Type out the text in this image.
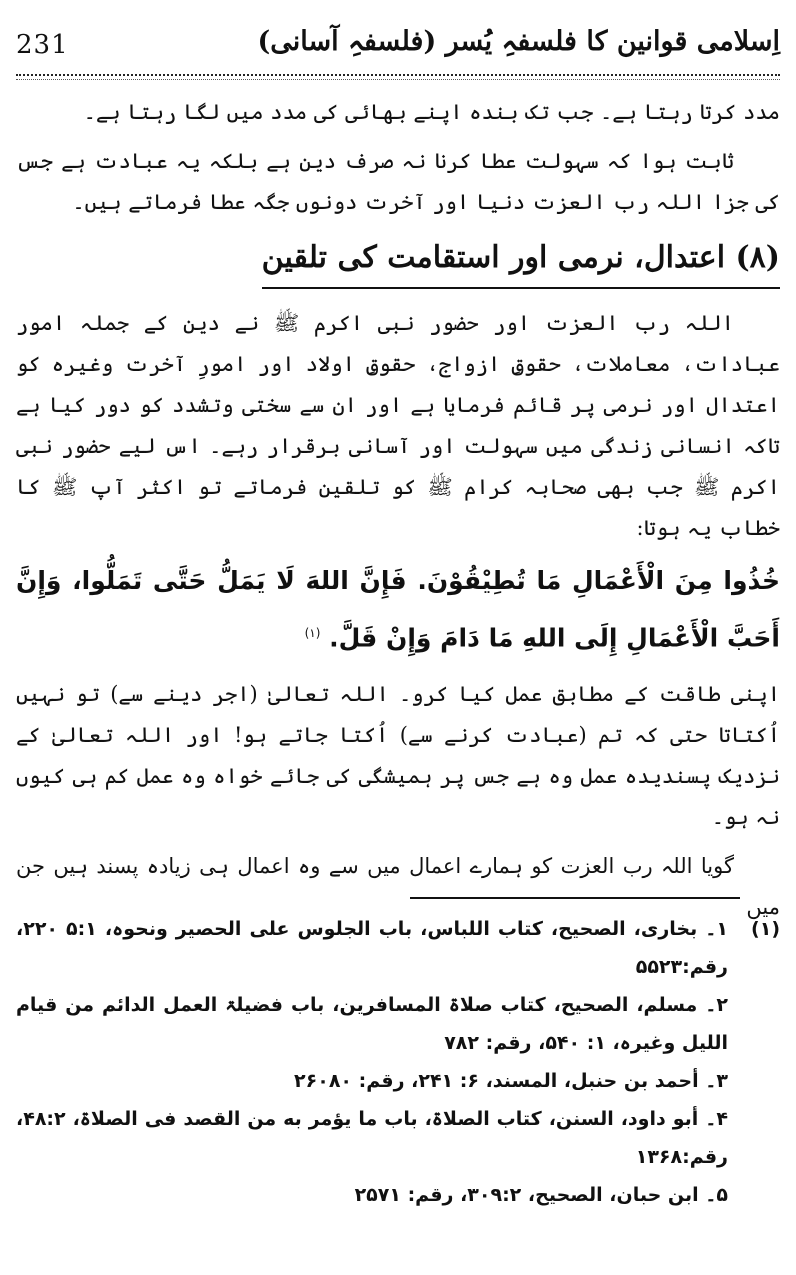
اِسلامی قوانین کا فلسفہِ یُسر (فلسفہِ آسانی)
231

مدد کرتا رہتا ہے۔ جب تک بندہ اپنے بھائی کی مدد میں لگا رہتا ہے۔

ثابت ہوا کہ سہولت عطا کرنا نہ صرف دین ہے بلکہ یہ عبادت ہے جس کی جزا اللہ رب العزت دنیا اور آخرت دونوں جگہ عطا فرماتے ہیں۔

(۸) اعتدال، نرمی اور استقامت کی تلقین

اللہ رب العزت اور حضور نبی اکرم ﷺ نے دین کے جملہ امور عبادات، معاملات، حقوقِ ازواج، حقوقِ اولاد اور امورِ آخرت وغیرہ کو اعتدال اور نرمی پر قائم فرمایا ہے اور ان سے سختی وتشدد کو دور کیا ہے تاکہ انسانی زندگی میں سہولت اور آسانی برقرار رہے۔ اس لیے حضور نبی اکرم ﷺ جب بھی صحابہ کرام ﷺ کو تلقین فرماتے تو اکثر آپ ﷺ کا خطاب یہ ہوتا:

خُذُوا مِنَ الْأَعْمَالِ مَا تُطِيْقُوْنَ. فَإِنَّ اللهَ لَا يَمَلُّ حَتَّى تَمَلُّوا، وَإِنَّ أَحَبَّ الْأَعْمَالِ إِلَى اللهِ مَا دَامَ وَإِنْ قَلَّ. $^{(۱)}$

اپنی طاقت کے مطابق عمل کیا کرو۔ اللہ تعالیٰ (اجر دینے سے) تو نہیں اُکتاتا حتی کہ تم (عبادت کرنے سے) اُکتا جاتے ہو! اور اللہ تعالیٰ کے نزدیک پسندیدہ عمل وہ ہے جس پر ہمیشگی کی جائے خواہ وہ عمل کم ہی کیوں نہ ہو۔

گویا اللہ رب العزت کو ہمارے اعمال میں سے وہ اعمال ہی زیادہ پسند ہیں جن میں

(۱)

۱۔ بخاری، الصحیح، کتاب اللباس، باب الجلوس علی الحصیر ونحوہ، ۵:۱ ۲۲۰، رقم:۵۵۲۳

۲۔ مسلم، الصحیح، کتاب صلاۃ المسافرین، باب فضیلۃ العمل الدائم من قیام اللیل وغیرہ، ۱: ۵۴۰، رقم: ۷۸۲

۳۔ أحمد بن حنبل، المسند، ۶: ۲۴۱، رقم: ۲۶۰۸۰

۴۔ أبو داود، السنن، کتاب الصلاۃ، باب ما یؤمر به من القصد فی الصلاۃ، ۴۸:۲، رقم:۱۳۶۸

۵۔ ابن حبان، الصحیح، ۳۰۹:۲، رقم: ۲۵۷۱
